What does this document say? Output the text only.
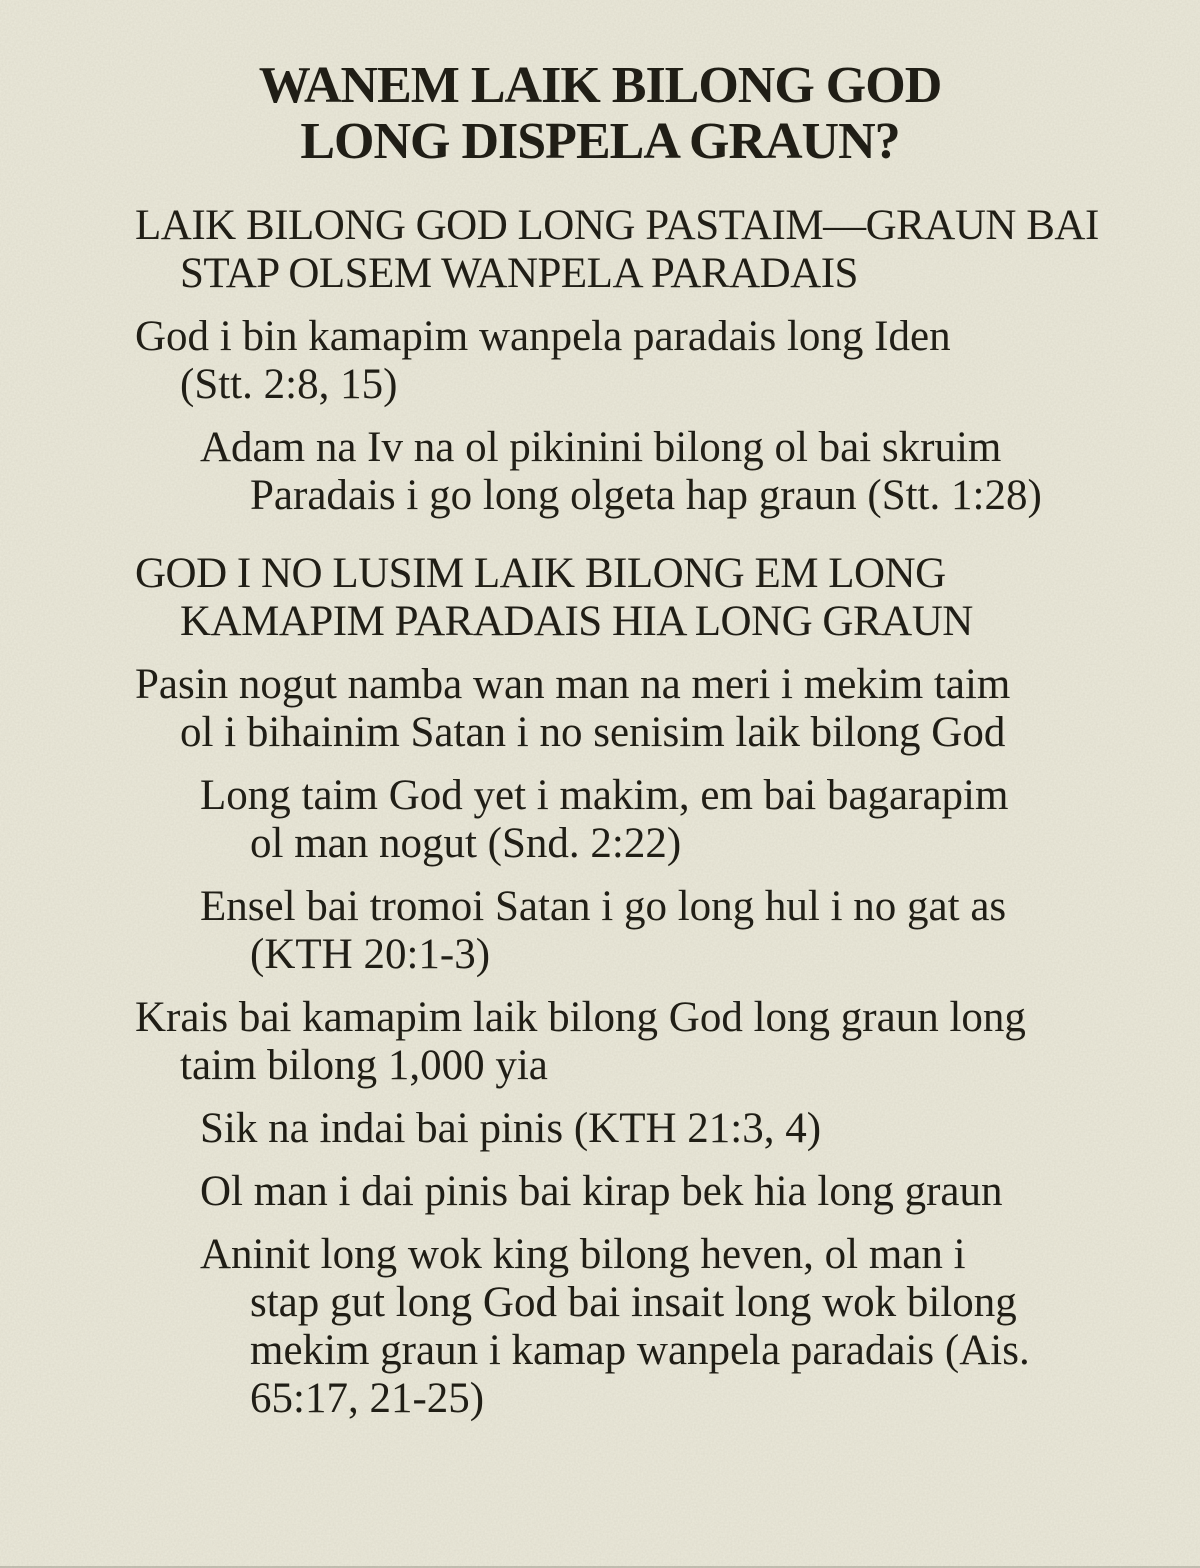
WANEM LAIK BILONG GOD
LONG DISPELA GRAUN?
LAIK BILONG GOD LONG PASTAIM—GRAUN BAI
STAP OLSEM WANPELA PARADAIS
God i bin kamapim wanpela paradais long Iden
(Stt. 2:8, 15)
Adam na Iv na ol pikinini bilong ol bai skruim
Paradais i go long olgeta hap graun (Stt. 1:28)
GOD I NO LUSIM LAIK BILONG EM LONG
KAMAPIM PARADAIS HIA LONG GRAUN
Pasin nogut namba wan man na meri i mekim taim
ol i bihainim Satan i no senisim laik bilong God
Long taim God yet i makim, em bai bagarapim
ol man nogut (Snd. 2:22)
Ensel bai tromoi Satan i go long hul i no gat as
(KTH 20:1-3)
Krais bai kamapim laik bilong God long graun long
taim bilong 1,000 yia
Sik na indai bai pinis (KTH 21:3, 4)
Ol man i dai pinis bai kirap bek hia long graun
Aninit long wok king bilong heven, ol man i
stap gut long God bai insait long wok bilong
mekim graun i kamap wanpela paradais (Ais.
65:17, 21-25)
